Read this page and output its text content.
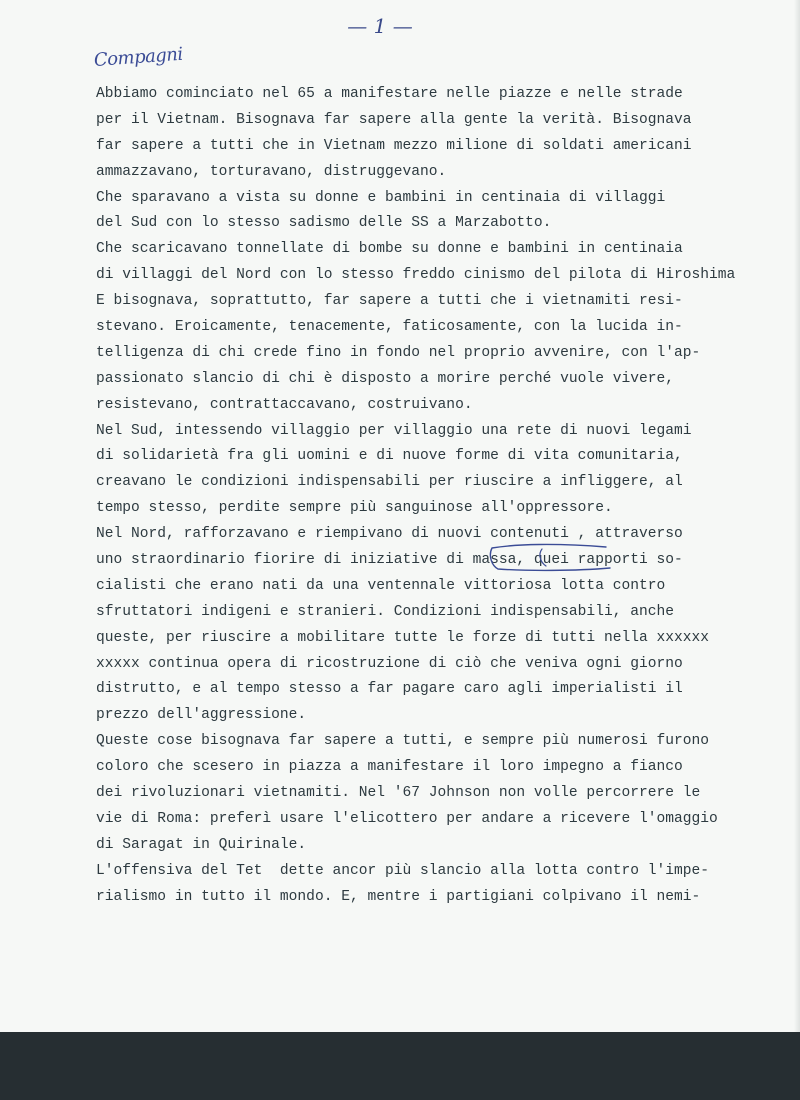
— 1 —
Compagni
Abbiamo cominciato nel 65 a manifestare nelle piazze e nelle strade
per il Vietnam. Bisognava far sapere alla gente la verità. Bisognava
far sapere a tutti che in Vietnam mezzo milione di soldati americani
ammazzavano, torturavano, distruggevano.
Che sparavano a vista su donne e bambini in centinaia di villaggi
del Sud con lo stesso sadismo delle SS a Marzabotto.
Che scaricavano tonnellate di bombe su donne e bambini in centinaia
di villaggi del Nord con lo stesso freddo cinismo del pilota di Hiroshima
E bisognava, soprattutto, far sapere a tutti che i vietnamiti resi-
stevano. Eroicamente, tenacemente, faticosamente, con la lucida in-
telligenza di chi crede fino in fondo nel proprio avvenire, con l'ap-
passionato slancio di chi è disposto a morire perché vuole vivere,
resistevano, contrattaccavano, costruivano.
Nel Sud, intessendo villaggio per villaggio una rete di nuovi legami
di solidarietà fra gli uomini e di nuove forme di vita comunitaria,
creavano le condizioni indispensabili per riuscire a infliggere, al
tempo stesso, perdite sempre più sanguinose all'oppressore.
Nel Nord, rafforzavano e riempivano di nuovi contenuti , attraverso
uno straordinario fiorire di iniziative di massa, quei rapporti so-
cialisti che erano nati da una ventennale vittoriosa lotta contro
sfruttatori indigeni e stranieri. Condizioni indispensabili, anche
queste, per riuscire a mobilitare tutte le forze di tutti nella xxxxxx
xxxxx continua opera di ricostruzione di ciò che veniva ogni giorno
distrutto, e al tempo stesso a far pagare caro agli imperialisti il
prezzo dell'aggressione.
Queste cose bisognava far sapere a tutti, e sempre più numerosi furono
coloro che scesero in piazza a manifestare il loro impegno a fianco
dei rivoluzionari vietnamiti. Nel '67 Johnson non volle percorrere le
vie di Roma: preferì usare l'elicottero per andare a ricevere l'omaggio
di Saragat in Quirinale.
L'offensiva del Tet  dette ancor più slancio alla lotta contro l'impe-
rialismo in tutto il mondo. E, mentre i partigiani colpivano il nemi-
